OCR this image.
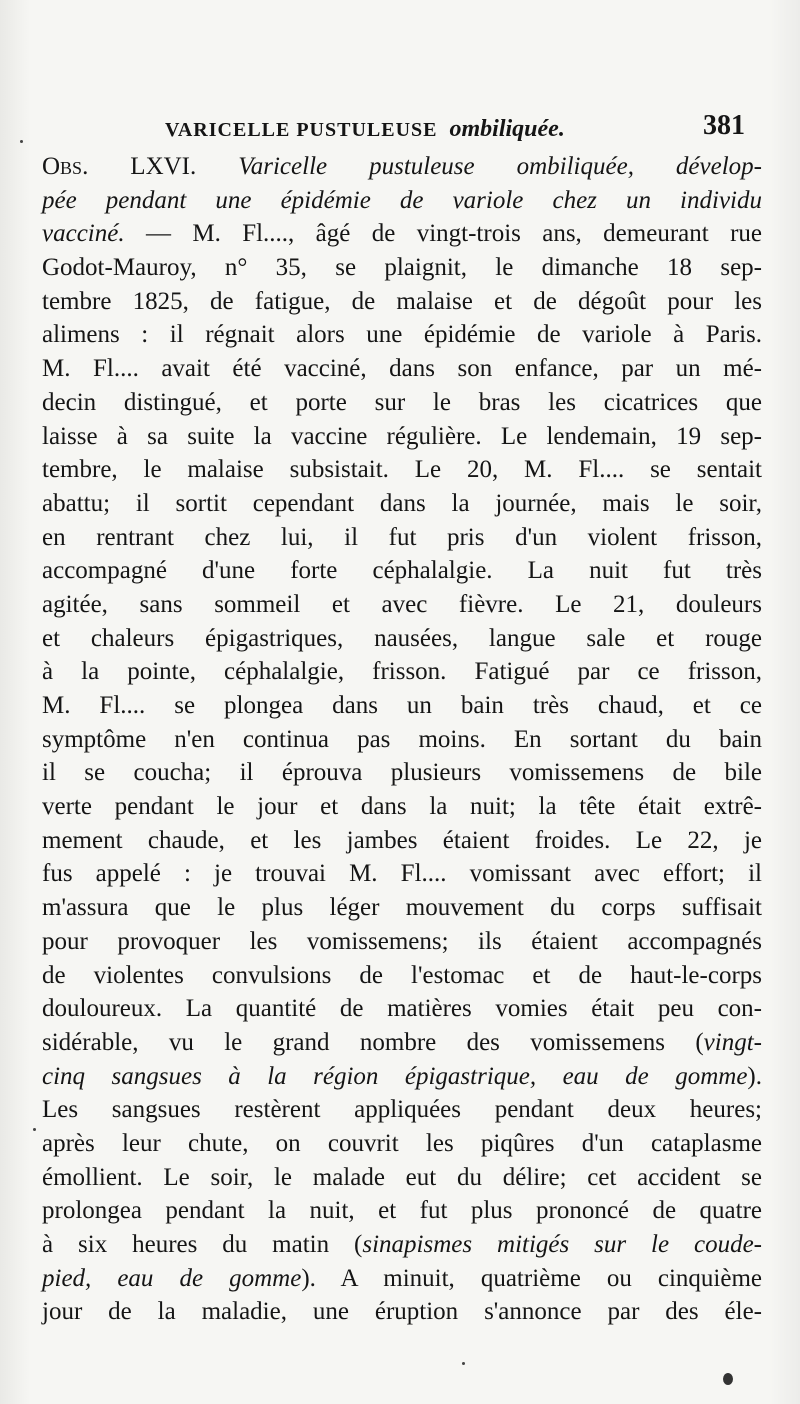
VARICELLE PUSTULEUSE ombiliquée.	381
Obs. LXVI. Varicelle pustuleuse ombiliquée, dévelop-
pée pendant une épidémie de variole chez un individu
vacciné. — M. Fl...., âgé de vingt-trois ans, demeurant rue
Godot-Mauroy, n° 35, se plaignit, le dimanche 18 sep-
tembre 1825, de fatigue, de malaise et de dégoût pour les
alimens : il régnait alors une épidémie de variole à Paris.
M. Fl.... avait été vacciné, dans son enfance, par un mé-
decin distingué, et porte sur le bras les cicatrices que
laisse à sa suite la vaccine régulière. Le lendemain, 19 sep-
tembre, le malaise subsistait. Le 20, M. Fl.... se sentait
abattu; il sortit cependant dans la journée, mais le soir,
en rentrant chez lui, il fut pris d'un violent frisson,
accompagné d'une forte céphalalgie. La nuit fut très
agitée, sans sommeil et avec fièvre. Le 21, douleurs
et chaleurs épigastriques, nausées, langue sale et rouge
à la pointe, céphalalgie, frisson. Fatigué par ce frisson,
M. Fl.... se plongea dans un bain très chaud, et ce
symptôme n'en continua pas moins. En sortant du bain
il se coucha; il éprouva plusieurs vomissemens de bile
verte pendant le jour et dans la nuit; la tête était extrê-
mement chaude, et les jambes étaient froides. Le 22, je
fus appelé : je trouvai M. Fl.... vomissant avec effort; il
m'assura que le plus léger mouvement du corps suffisait
pour provoquer les vomissemens; ils étaient accompagnés
de violentes convulsions de l'estomac et de haut-le-corps
douloureux. La quantité de matières vomies était peu con-
sidérable, vu le grand nombre des vomissemens (vingt-
cinq sangsues à la région épigastrique, eau de gomme).
Les sangsues restèrent appliquées pendant deux heures;
après leur chute, on couvrit les piqûres d'un cataplasme
émollient. Le soir, le malade eut du délire; cet accident se
prolongea pendant la nuit, et fut plus prononcé de quatre
à six heures du matin (sinapismes mitigés sur le coude-
pied, eau de gomme). A minuit, quatrième ou cinquième
jour de la maladie, une éruption s'annonce par des éle-
